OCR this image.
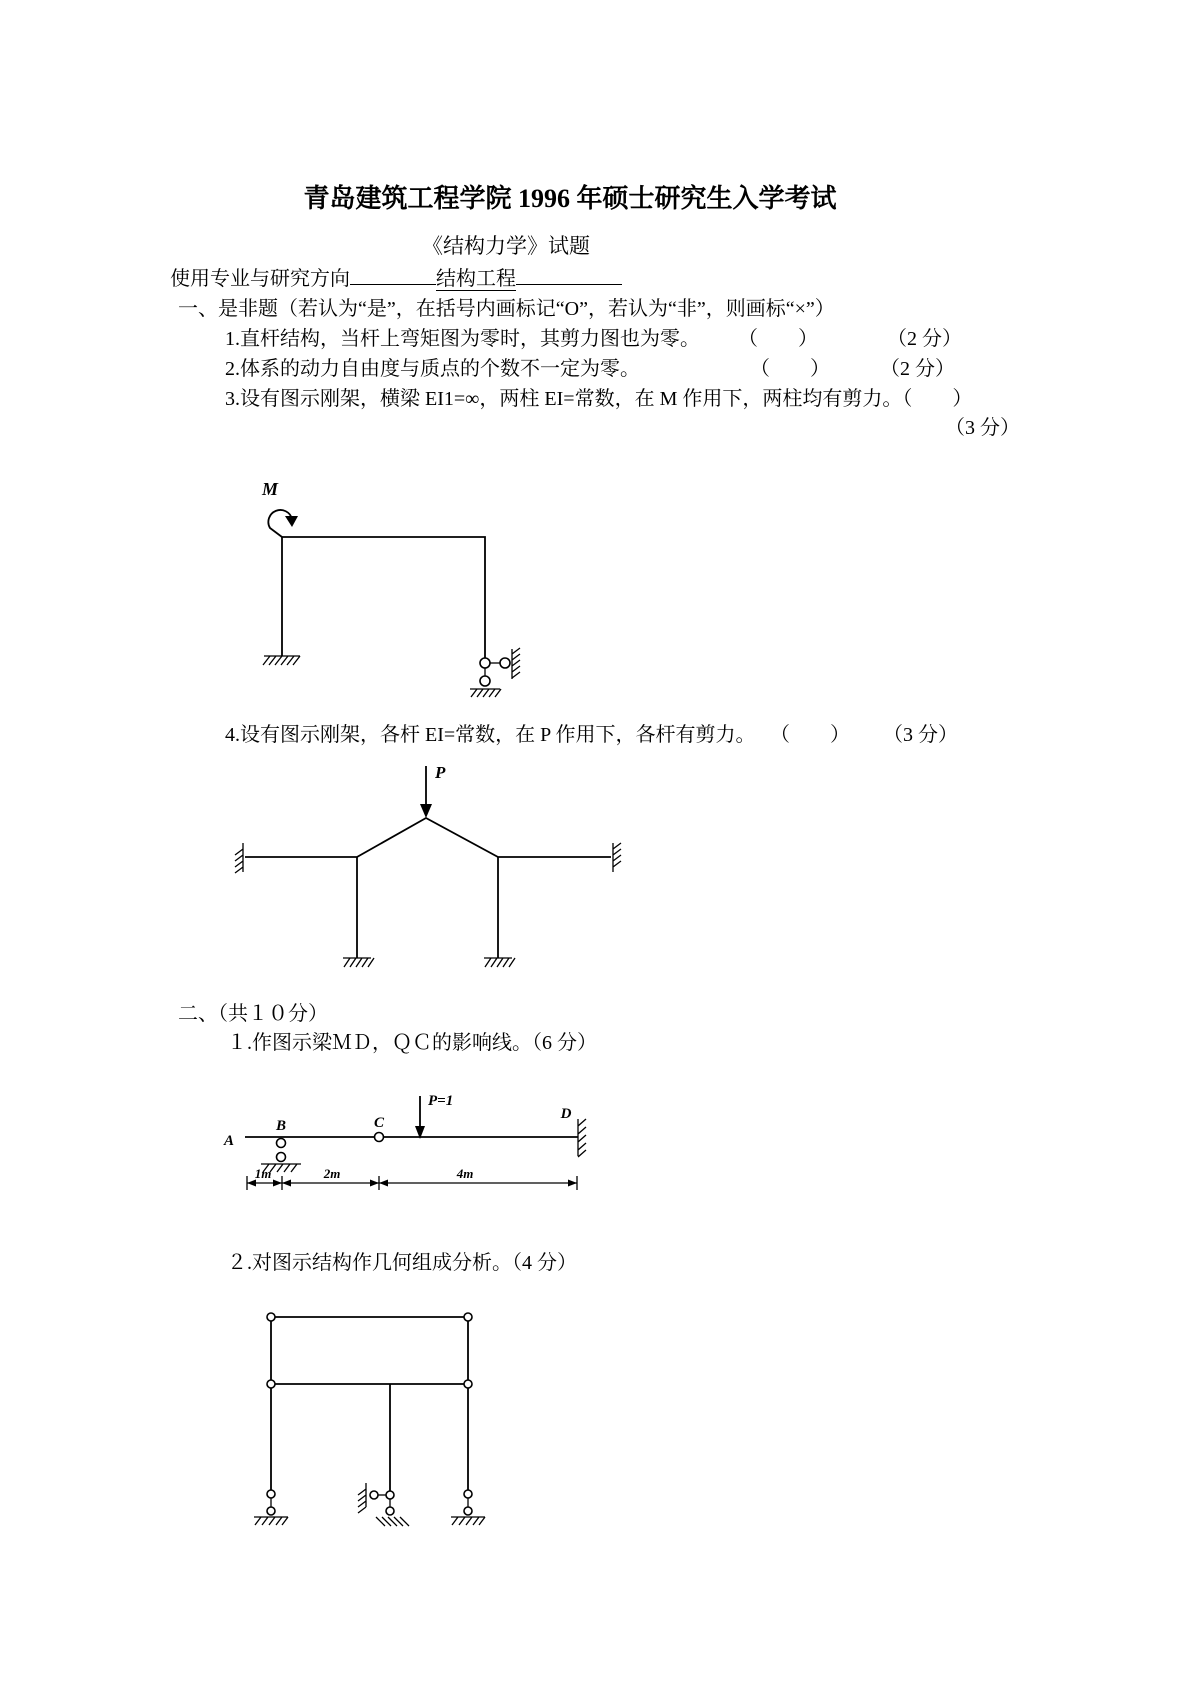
青岛建筑工程学院 1996 年硕士研究生入学考试
《结构力学》试题
使用专业与研究方向	结构工程
一、是非题（若认为“是”，在括号内画标记“O”，若认为“非”，则画标“×”）
1.直杆结构，当杆上弯矩图为零时，其剪力图也为零。 （　　）	（2 分）
2.体系的动力自由度与质点的个数不一定为零。	（　　）	（2 分）
3.设有图示刚架，横梁 EI1=∞，两柱 EI=常数，在 M 作用下，两柱均有剪力。（　　）
（3 分）
M
4.设有图示刚架，各杆 EI=常数，在 P 作用下，各杆有剪力。 （　　） （3 分）
P
二、（共１０分）
１.作图示梁ＭＤ，ＱＣ的影响线。（6 分）
A
B	C
D
P=1
1m	2m	4m
２.对图示结构作几何组成分析。（4 分）
